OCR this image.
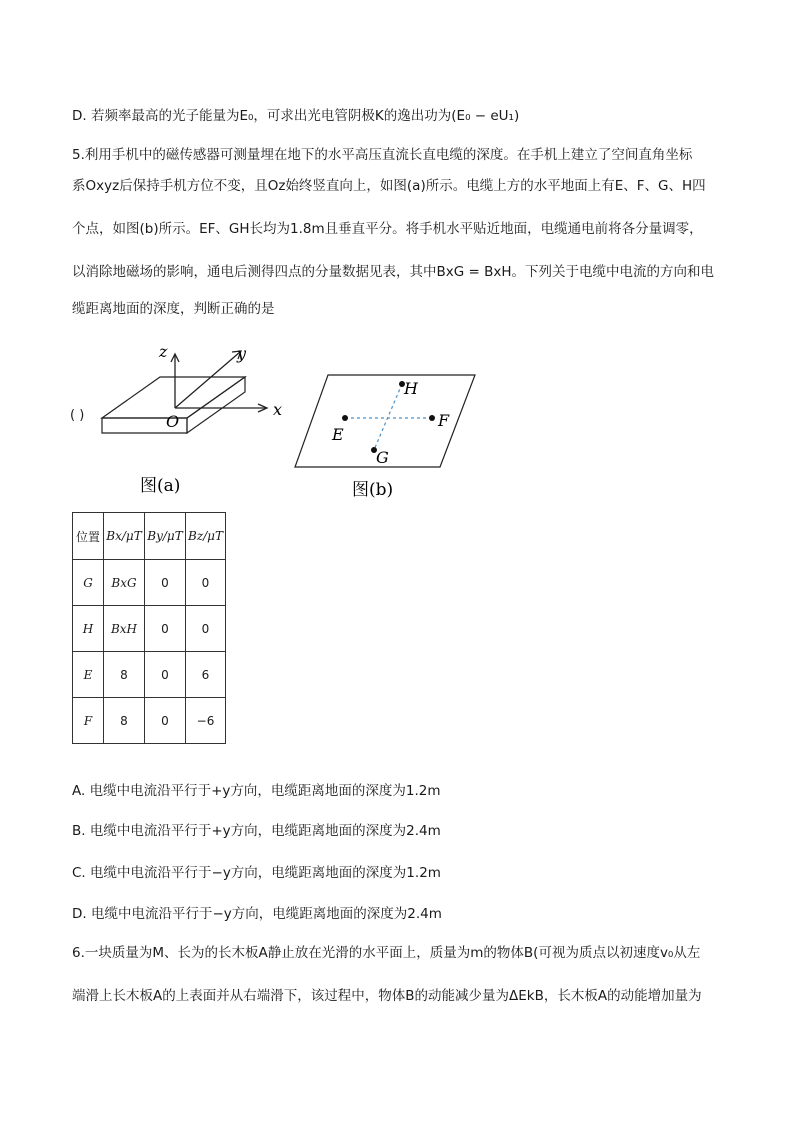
D. 若频率最高的光子能量为E₀，可求出光电管阴极K的逸出功为(E₀ − eU₁)
5.利用手机中的磁传感器可测量埋在地下的水平高压直流长直电缆的深度。在手机上建立了空间直角坐标
系Oxyz后保持手机方位不变，且Oz始终竖直向上，如图(a)所示。电缆上方的水平地面上有E、F、G、H四
个点，如图(b)所示。EF、GH长均为1.8m且垂直平分。将手机水平贴近地面，电缆通电前将各分量调零，
以消除地磁场的影响，通电后测得四点的分量数据见表，其中BxG = BxH。下列关于电缆中电流的方向和电
缆距离地面的深度，判断正确的是
( )
z	y
x
O
图(a)
E
F
H
G
图(b)
位置	Bx/μT	By/μT	Bz/μT
G	BxG	0	0
H	BxH	0	0
E	8	0	6
F	8	0	−6
A. 电缆中电流沿平行于+y方向，电缆距离地面的深度为1.2m
B. 电缆中电流沿平行于+y方向，电缆距离地面的深度为2.4m
C. 电缆中电流沿平行于−y方向，电缆距离地面的深度为1.2m
D. 电缆中电流沿平行于−y方向，电缆距离地面的深度为2.4m
6.一块质量为M、长为的长木板A静止放在光滑的水平面上，质量为m的物体B(可视为质点以初速度v₀从左
端滑上长木板A的上表面并从右端滑下，该过程中，物体B的动能减少量为ΔEkB，长木板A的动能增加量为
